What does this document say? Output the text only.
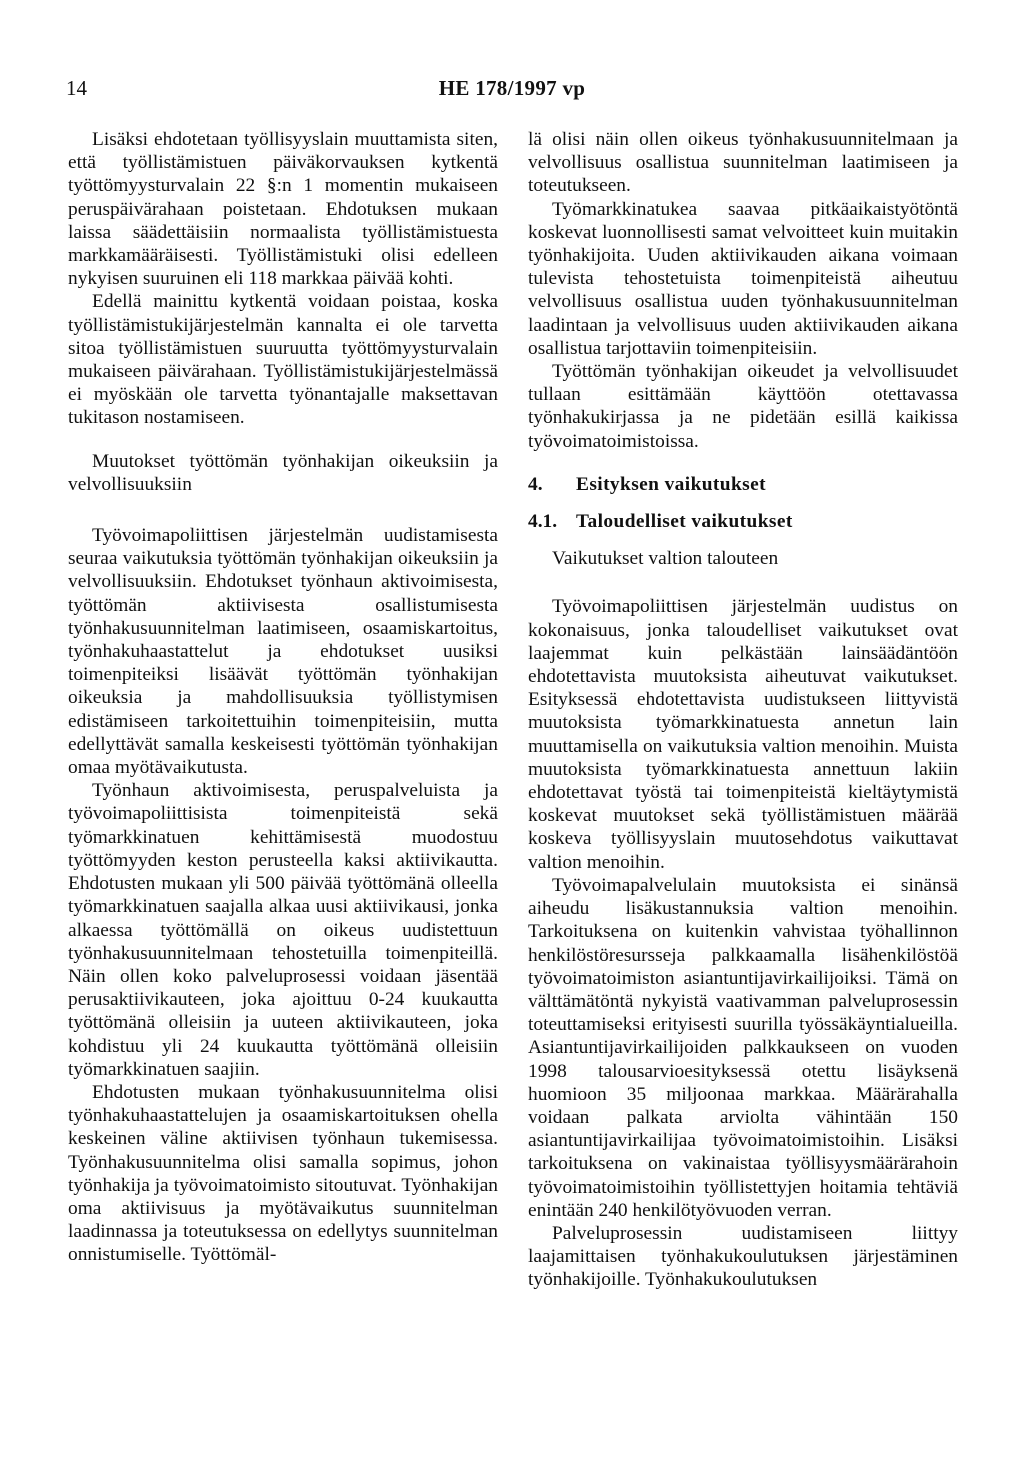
14	HE 178/1997 vp

Lisäksi ehdotetaan työllisyyslain muuttamista siten, että työllistämistuen päiväkorvauksen kytkentä työttömyysturvalain 22 §:n 1 momentin mukaiseen peruspäivärahaan poistetaan. Ehdotuksen mukaan laissa säädettäisiin normaalista työllistämistuesta markkamääräisesti. Työllistämistuki olisi edelleen nykyisen suuruinen eli 118 markkaa päivää kohti.

Edellä mainittu kytkentä voidaan poistaa, koska työllistämistukijärjestelmän kannalta ei ole tarvetta sitoa työllistämistuen suuruutta työttömyysturvalain mukaiseen päivärahaan. Työllistämistukijärjestelmässä ei myöskään ole tarvetta työnantajalle maksettavan tukitason nostamiseen.

Muutokset työttömän työnhakijan oikeuksiin ja velvollisuuksiin

Työvoimapoliittisen järjestelmän uudistamisesta seuraa vaikutuksia työttömän työnhakijan oikeuksiin ja velvollisuuksiin. Ehdotukset työnhaun aktivoimisesta, työttömän aktiivisesta osallistumisesta työnhakusuunnitelman laatimiseen, osaamiskartoitus, työnhakuhaastattelut ja ehdotukset uusiksi toimenpiteiksi lisäävät työttömän työnhakijan oikeuksia ja mahdollisuuksia työllistymisen edistämiseen tarkoitettuihin toimenpiteisiin, mutta edellyttävät samalla keskeisesti työttömän työnhakijan omaa myötävaikutusta.

Työnhaun aktivoimisesta, peruspalveluista ja työvoimapoliittisista toimenpiteistä sekä työmarkkinatuen kehittämisestä muodostuu työttömyyden keston perusteella kaksi aktiivikautta. Ehdotusten mukaan yli 500 päivää työttömänä olleella työmarkkinatuen saajalla alkaa uusi aktiivikausi, jonka alkaessa työttömällä on oikeus uudistettuun työnhakusuunnitelmaan tehostetuilla toimenpiteillä. Näin ollen koko palveluprosessi voidaan jäsentää perusaktiivikauteen, joka ajoittuu 0-24 kuukautta työttömänä olleisiin ja uuteen aktiivikauteen, joka kohdistuu yli 24 kuukautta työttömänä olleisiin työmarkkinatuen saajiin.

Ehdotusten mukaan työnhakusuunnitelma olisi työnhakuhaastattelujen ja osaamiskartoituksen ohella keskeinen väline aktiivisen työnhaun tukemisessa. Työnhakusuunnitelma olisi samalla sopimus, johon työnhakija ja työvoimatoimisto sitoutuvat. Työnhakijan oma aktiivisuus ja myötävaikutus suunnitelman laadinnassa ja toteutuksessa on edellytys suunnitelman onnistumiselle. Työttömäl-

lä olisi näin ollen oikeus työnhakusuunnitelmaan ja velvollisuus osallistua suunnitelman laatimiseen ja toteutukseen.

Työmarkkinatukea saavaa pitkäaikaistyötöntä koskevat luonnollisesti samat velvoitteet kuin muitakin työnhakijoita. Uuden aktiivikauden aikana voimaan tulevista tehostetuista toimenpiteistä aiheutuu velvollisuus osallistua uuden työnhakusuunnitelman laadintaan ja velvollisuus uuden aktiivikauden aikana osallistua tarjottaviin toimenpiteisiin.

Työttömän työnhakijan oikeudet ja velvollisuudet tullaan esittämään käyttöön otettavassa työnhakukirjassa ja ne pidetään esillä kaikissa työvoimatoimistoissa.

4.	Esityksen vaikutukset
4.1. Taloudelliset vaikutukset

Vaikutukset valtion talouteen

Työvoimapoliittisen järjestelmän uudistus on kokonaisuus, jonka taloudelliset vaikutukset ovat laajemmat kuin pelkästään lainsäädäntöön ehdotettavista muutoksista aiheutuvat vaikutukset. Esityksessä ehdotettavista uudistukseen liittyvistä muutoksista työmarkkinatuesta annetun lain muuttamisella on vaikutuksia valtion menoihin. Muista muutoksista työmarkkinatuesta annettuun lakiin ehdotettavat työstä tai toimenpiteistä kieltäytymistä koskevat muutokset sekä työllistämistuen määrää koskeva työllisyyslain muutosehdotus vaikuttavat valtion menoihin.

Työvoimapalvelulain muutoksista ei sinänsä aiheudu lisäkustannuksia valtion menoihin. Tarkoituksena on kuitenkin vahvistaa työhallinnon henkilöstöresursseja palkkaamalla lisähenkilöstöä työvoimatoimiston asiantuntijavirkailijoiksi. Tämä on välttämätöntä nykyistä vaativamman palveluprosessin toteuttamiseksi erityisesti suurilla työssäkäyntialueilla. Asiantuntijavirkailijoiden palkkaukseen on vuoden 1998 talousarvioesityksessä otettu lisäyksenä huomioon 35 miljoonaa markkaa. Määrärahalla voidaan palkata arviolta vähintään 150 asiantuntijavirkailijaa työvoimatoimistoihin. Lisäksi tarkoituksena on vakinaistaa työllisyysmäärärahoin työvoimatoimistoihin työllistettyjen hoitamia tehtäviä enintään 240 henkilötyövuoden verran.

Palveluprosessin uudistamiseen liittyy laajamittaisen työnhakukoulutuksen järjestäminen työnhakijoille. Työnhakukoulutuksen
